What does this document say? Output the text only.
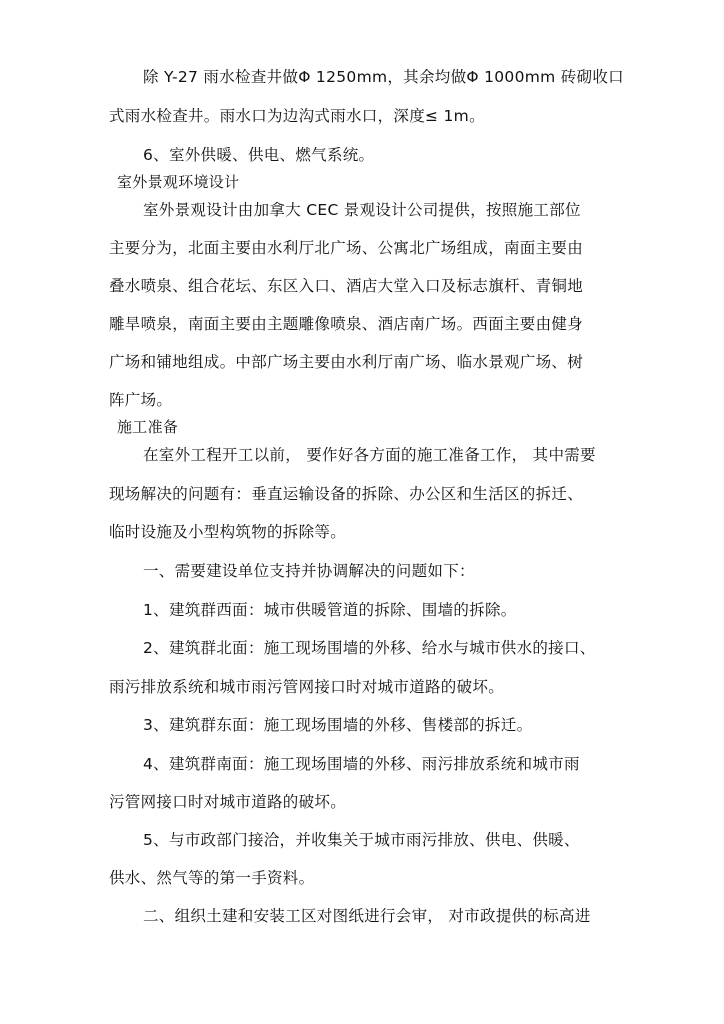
除 Y-27 雨水检查井做Φ 1250mm，其余均做Φ 1000mm 砖砌收口

式雨水检查井。雨水口为边沟式雨水口，深度≤ 1m。

6、室外供暖、供电、燃气系统。

室外景观环境设计

室外景观设计由加拿大 CEC 景观设计公司提供，按照施工部位

主要分为，北面主要由水利厅北广场、公寓北广场组成，南面主要由

叠水喷泉、组合花坛、东区入口、酒店大堂入口及标志旗杆、青铜地

雕旱喷泉，南面主要由主题雕像喷泉、酒店南广场。西面主要由健身

广场和铺地组成。中部广场主要由水利厅南广场、临水景观广场、树

阵广场。

施工准备

在室外工程开工以前， 要作好各方面的施工准备工作， 其中需要

现场解决的问题有：垂直运输设备的拆除、办公区和生活区的拆迁、

临时设施及小型构筑物的拆除等。

一、需要建设单位支持并协调解决的问题如下：

1、建筑群西面：城市供暖管道的拆除、围墙的拆除。

2、建筑群北面：施工现场围墙的外移、给水与城市供水的接口、

雨污排放系统和城市雨污管网接口时对城市道路的破坏。

3、建筑群东面：施工现场围墙的外移、售楼部的拆迁。

4、建筑群南面：施工现场围墙的外移、雨污排放系统和城市雨

污管网接口时对城市道路的破坏。

5、与市政部门接洽，并收集关于城市雨污排放、供电、供暖、

供水、然气等的第一手资料。

二、组织土建和安装工区对图纸进行会审， 对市政提供的标高进
